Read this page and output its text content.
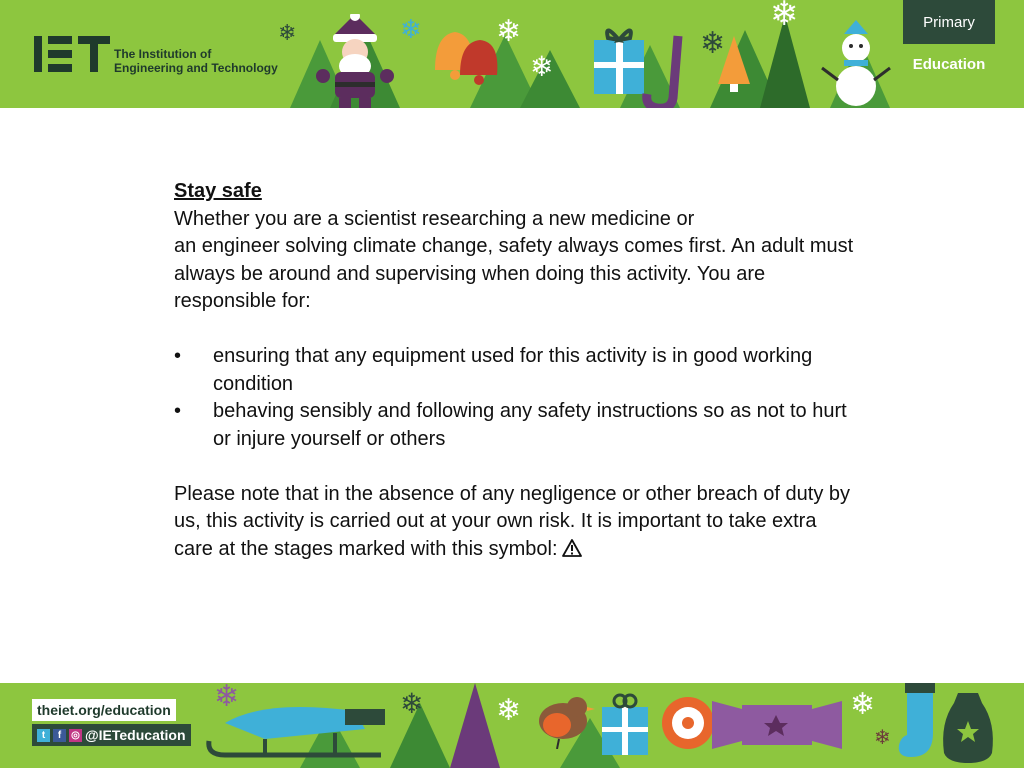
❄	❄ ❄
❄
❄
❄
The Institution of
Engineering and Technology
Primary
Education

Stay safe

Whether you are a scientist researching a new medicine or

an engineer solving climate change, safety always comes first. An adult must always be around and supervising when doing this activity. You are responsible for:

• ensuring that any equipment used for this activity is in good working condition
• behaving sensibly and following any safety instructions so as not to hurt or injure yourself or others

Please note that in the absence of any negligence or other breach of duty by us, this activity is carried out at your own risk. It is important to take extra care at the stages marked with this symbol:

❄	❄ ❄	❄
❄
theiet.org/education
t	f ◎ @IETeducation
